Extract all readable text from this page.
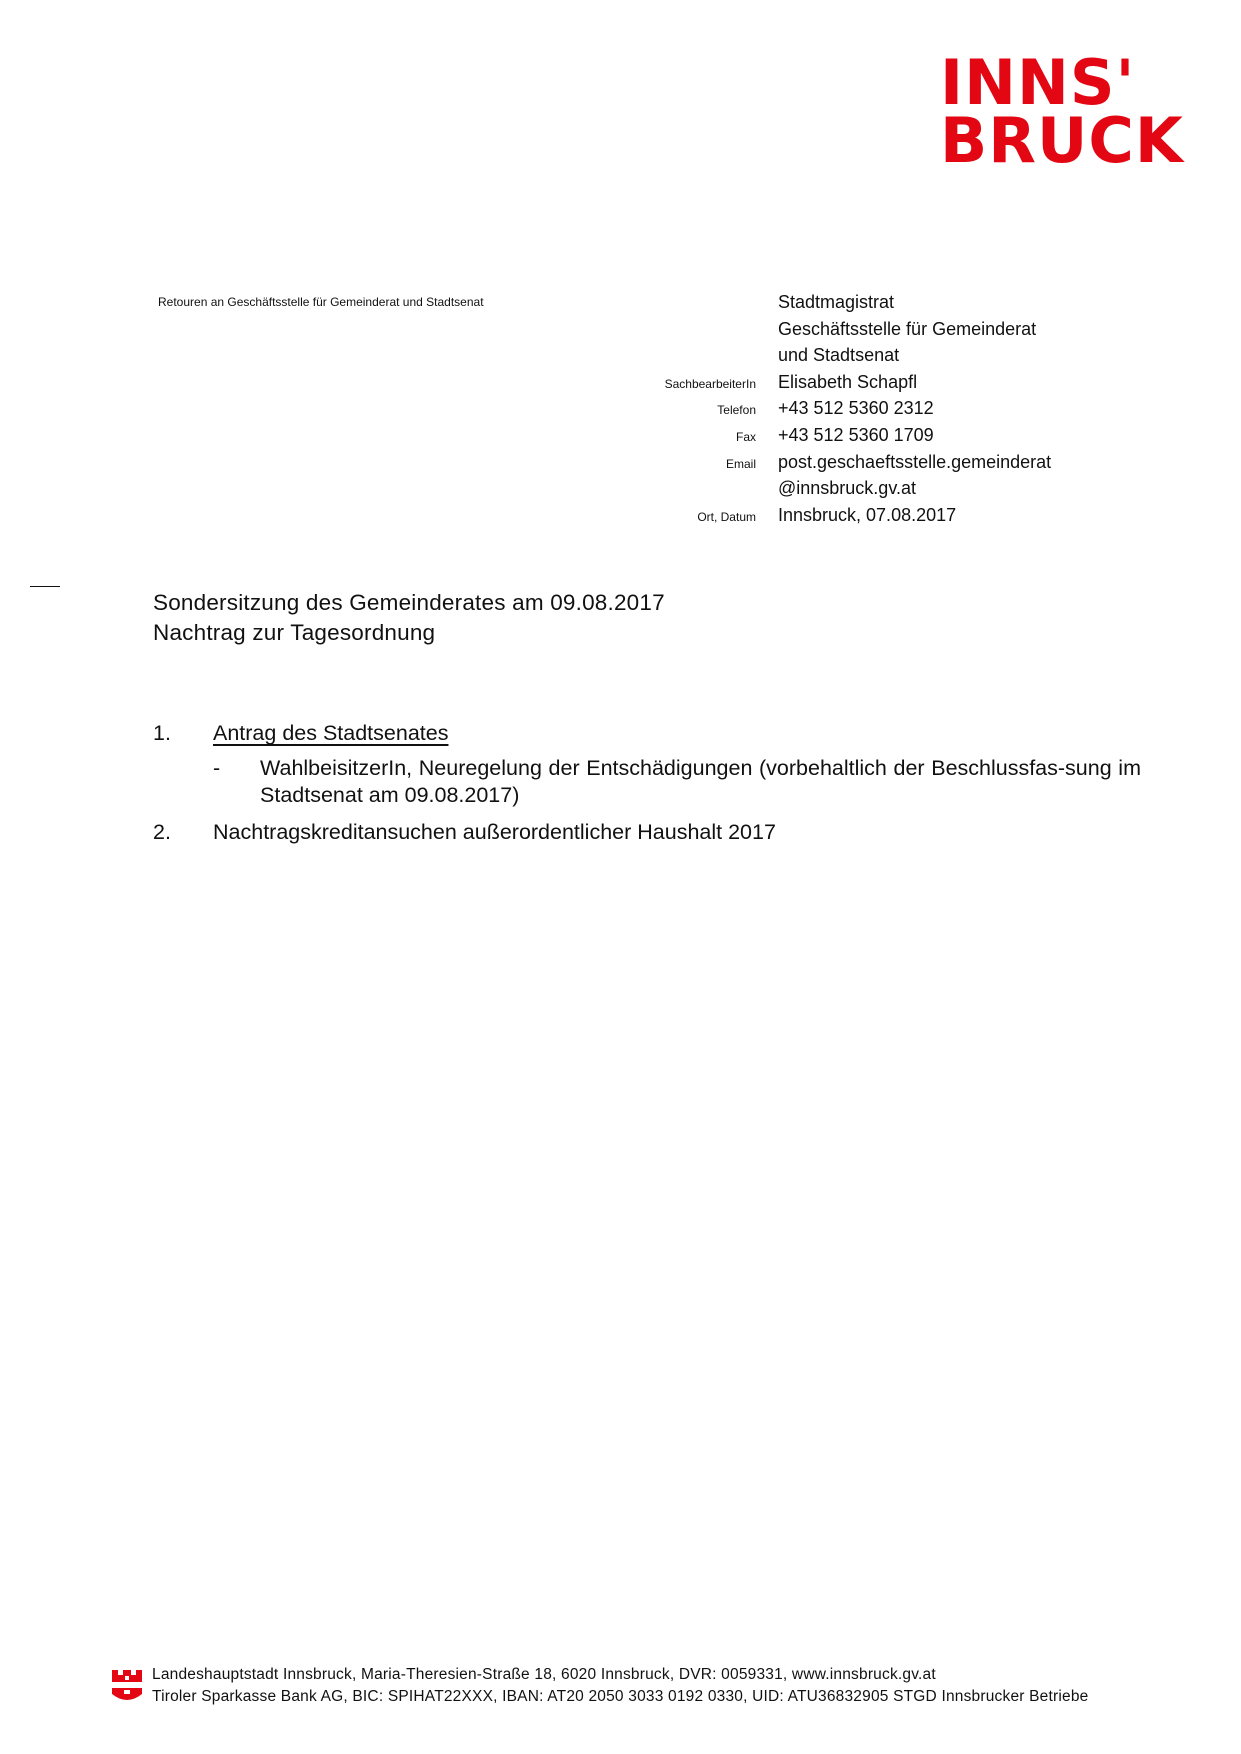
INNS'
BRUCK
Retouren an Geschäftsstelle für Gemeinderat und Stadtsenat	Stadtmagistrat
Geschäftsstelle für Gemeinderat
und Stadtsenat
SachbearbeiterIn	Elisabeth Schapfl
Telefon	+43 512 5360 2312
Fax	+43 512 5360 1709
Email	post.geschaeftsstelle.gemeinderat
@innsbruck.gv.at
Ort, Datum	Innsbruck, 07.08.2017
Sondersitzung des Gemeinderates am 09.08.2017
Nachtrag zur Tagesordnung
1. Antrag des Stadtsenates
- WahlbeisitzerIn, Neuregelung der Entschädigungen (vorbehaltlich der Beschlussfas-sung im Stadtsenat am 09.08.2017)
2. Nachtragskreditansuchen außerordentlicher Haushalt 2017
Landeshauptstadt Innsbruck, Maria-Theresien-Straße 18, 6020 Innsbruck, DVR: 0059331, www.innsbruck.gv.at
Tiroler Sparkasse Bank AG, BIC: SPIHAT22XXX, IBAN: AT20 2050 3033 0192 0330, UID: ATU36832905 STGD Innsbrucker Betriebe
